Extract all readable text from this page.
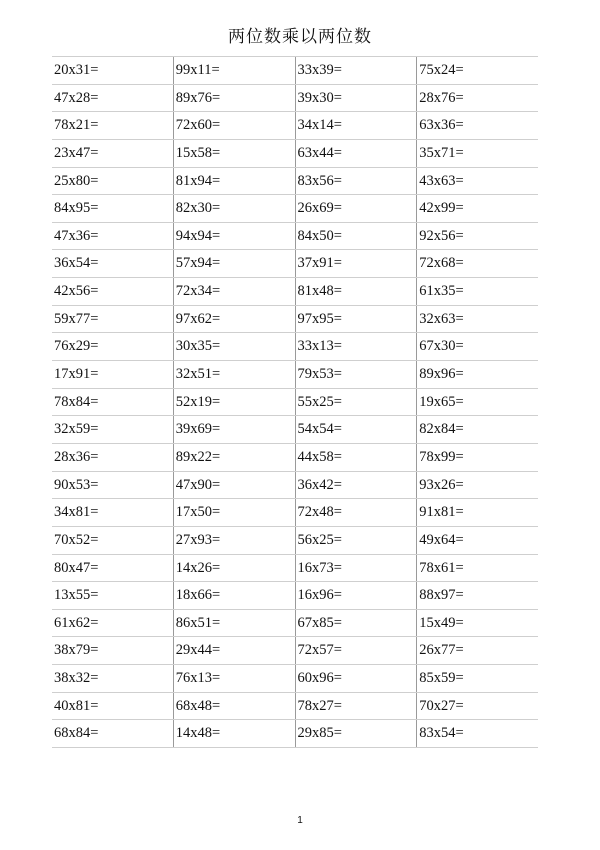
两位数乘以两位数
20x31=	99x11=	33x39=	75x24=
47x28=	89x76=	39x30=	28x76=
78x21=	72x60=	34x14=	63x36=
23x47=	15x58=	63x44=	35x71=
25x80=	81x94=	83x56=	43x63=
84x95=	82x30=	26x69=	42x99=
47x36=	94x94=	84x50=	92x56=
36x54=	57x94=	37x91=	72x68=
42x56=	72x34=	81x48=	61x35=
59x77=	97x62=	97x95=	32x63=
76x29=	30x35=	33x13=	67x30=
17x91=	32x51=	79x53=	89x96=
78x84=	52x19=	55x25=	19x65=
32x59=	39x69=	54x54=	82x84=
28x36=	89x22=	44x58=	78x99=
90x53=	47x90=	36x42=	93x26=
34x81=	17x50=	72x48=	91x81=
70x52=	27x93=	56x25=	49x64=
80x47=	14x26=	16x73=	78x61=
13x55=	18x66=	16x96=	88x97=
61x62=	86x51=	67x85=	15x49=
38x79=	29x44=	72x57=	26x77=
38x32=	76x13=	60x96=	85x59=
40x81=	68x48=	78x27=	70x27=
68x84=	14x48=	29x85=	83x54=
1
